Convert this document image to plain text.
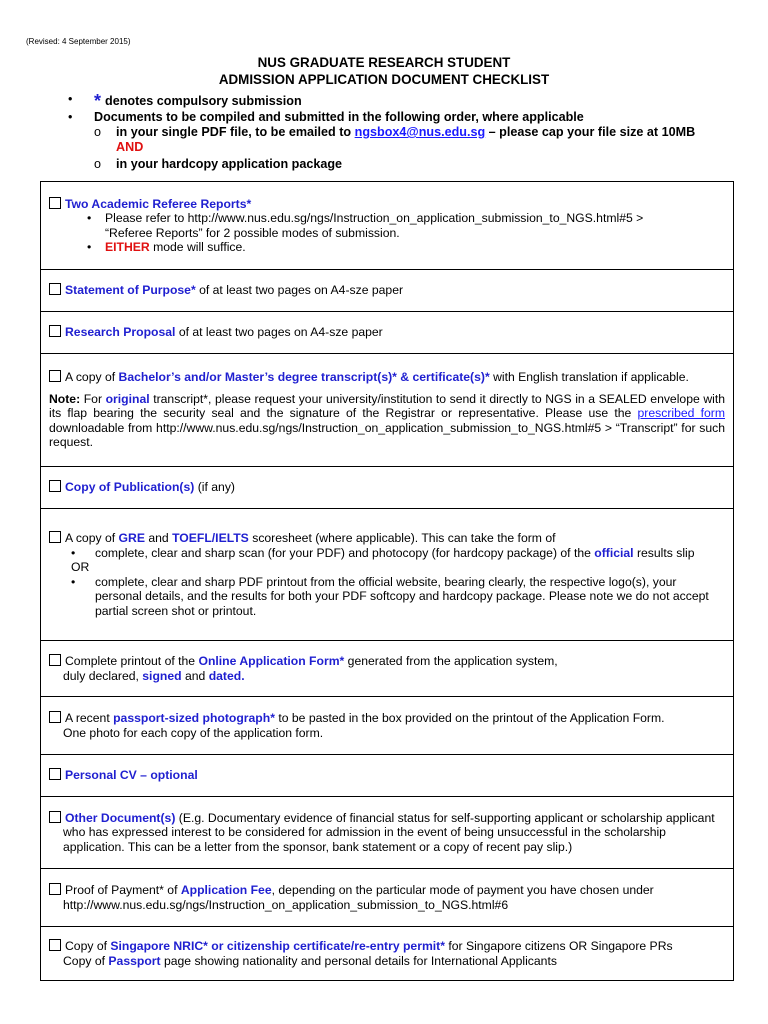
(Revised: 4 September 2015)
NUS GRADUATE RESEARCH STUDENT
ADMISSION APPLICATION DOCUMENT CHECKLIST
• * denotes compulsory submission
• Documents to be compiled and submitted in the following order, where applicable
o in your single PDF file, to be emailed to ngsbox4@nus.edu.sg – please cap your file size at 10MB
AND
o in your hardcopy application package
Two Academic Referee Reports*
• Please refer to http://www.nus.edu.sg/ngs/Instruction_on_application_submission_to_NGS.html#5 >
“Referee Reports” for 2 possible modes of submission.
• EITHER mode will suffice.

Statement of Purpose* of at least two pages on A4-sze paper
Research Proposal of at least two pages on A4-sze paper

A copy of Bachelor’s and/or Master’s degree transcript(s)* & certificate(s)* with English translation if applicable.
Note: For original transcript*, please request your university/institution to send it directly to NGS in a SEALED envelope with its flap bearing the security seal and the signature of the Registrar or representative. Please use the prescribed form downloadable from http://www.nus.edu.sg/ngs/Instruction_on_application_submission_to_NGS.html#5 > “Transcript” for such request.

Copy of Publication(s) (if any)

A copy of GRE and TOEFL/IELTS scoresheet (where applicable). This can take the form of
• complete, clear and sharp scan (for your PDF) and photocopy (for hardcopy package) of the official results slip
OR
• complete, clear and sharp PDF printout from the official website, bearing clearly, the respective logo(s), your personal details, and the results for both your PDF softcopy and hardcopy package. Please note we do not accept partial screen shot or printout.

Complete printout of the Online Application Form* generated from the application system,
duly declared, signed and dated.

A recent passport-sized photograph* to be pasted in the box provided on the printout of the Application Form.
One photo for each copy of the application form.

Personal CV – optional

Other Document(s) (E.g. Documentary evidence of financial status for self-supporting applicant or scholarship applicant who has expressed interest to be considered for admission in the event of being unsuccessful in the scholarship application. This can be a letter from the sponsor, bank statement or a copy of recent pay slip.)

Proof of Payment* of Application Fee, depending on the particular mode of payment you have chosen under
http://www.nus.edu.sg/ngs/Instruction_on_application_submission_to_NGS.html#6

Copy of Singapore NRIC* or citizenship certificate/re-entry permit* for Singapore citizens OR Singapore PRs
Copy of Passport page showing nationality and personal details for International Applicants
